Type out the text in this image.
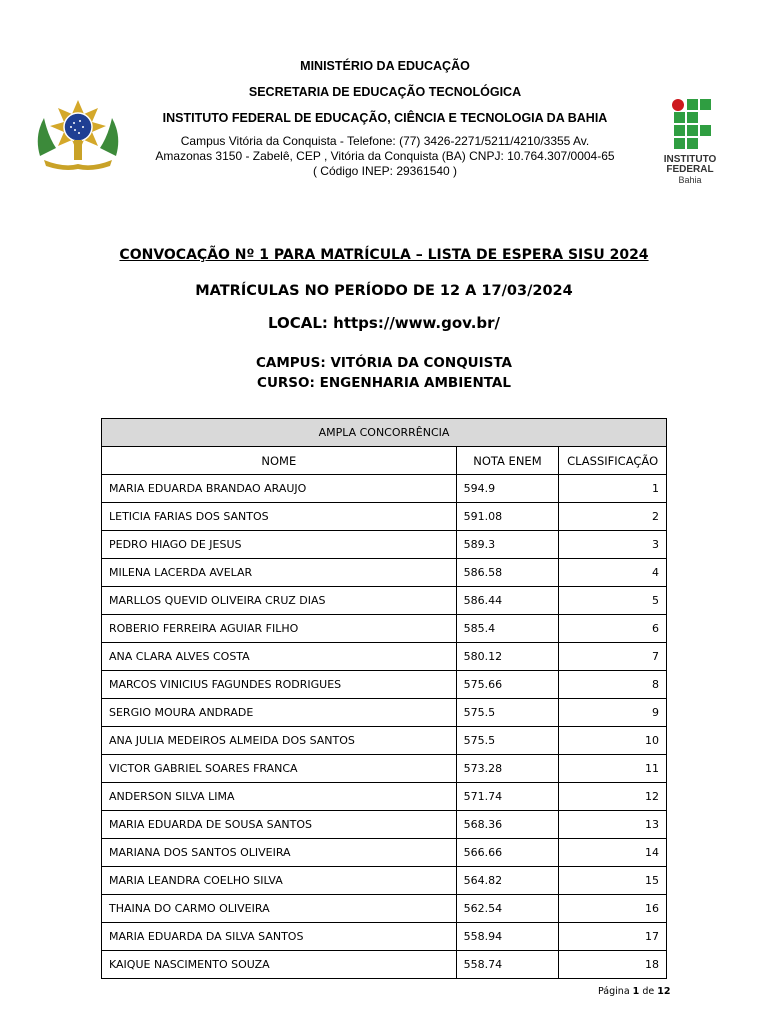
MINISTÉRIO DA EDUCAÇÃO
SECRETARIA DE EDUCAÇÃO TECNOLÓGICA
INSTITUTO FEDERAL DE EDUCAÇÃO, CIÊNCIA E TECNOLOGIA DA BAHIA
Campus Vitória da Conquista - Telefone: (77) 3426-2271/5211/4210/3355 Av.
Amazonas 3150 - Zabelê, CEP , Vitória da Conquista (BA) CNPJ: 10.764.307/0004-65
( Código INEP: 29361540 )
INSTITUTO
FEDERAL
Bahia
CONVOCAÇÃO Nº 1 PARA MATRÍCULA – LISTA DE ESPERA SISU 2024
MATRÍCULAS NO PERÍODO DE 12 A 17/03/2024
LOCAL: https://www.gov.br/
CAMPUS: VITÓRIA DA CONQUISTA
CURSO: ENGENHARIA AMBIENTAL
AMPLA CONCORRÊNCIA		
NOME	NOTA ENEM	CLASSIFICAÇÃO
MARIA EDUARDA BRANDAO ARAUJO	594.9	1
LETICIA FARIAS DOS SANTOS	591.08	2
PEDRO HIAGO DE JESUS	589.3	3
MILENA LACERDA AVELAR	586.58	4
MARLLOS QUEVID OLIVEIRA CRUZ DIAS	586.44	5
ROBERIO FERREIRA AGUIAR FILHO	585.4	6
ANA CLARA ALVES COSTA	580.12	7
MARCOS VINICIUS FAGUNDES RODRIGUES	575.66	8
SERGIO MOURA ANDRADE	575.5	9
ANA JULIA MEDEIROS ALMEIDA DOS SANTOS	575.5	10
VICTOR GABRIEL SOARES FRANCA	573.28	11
ANDERSON SILVA LIMA	571.74	12
MARIA EDUARDA DE SOUSA SANTOS	568.36	13
MARIANA DOS SANTOS OLIVEIRA	566.66	14
MARIA LEANDRA COELHO SILVA	564.82	15
THAINA DO CARMO OLIVEIRA	562.54	16
MARIA EDUARDA DA SILVA SANTOS	558.94	17
KAIQUE NASCIMENTO SOUZA	558.74	18
Página 1 de 12
